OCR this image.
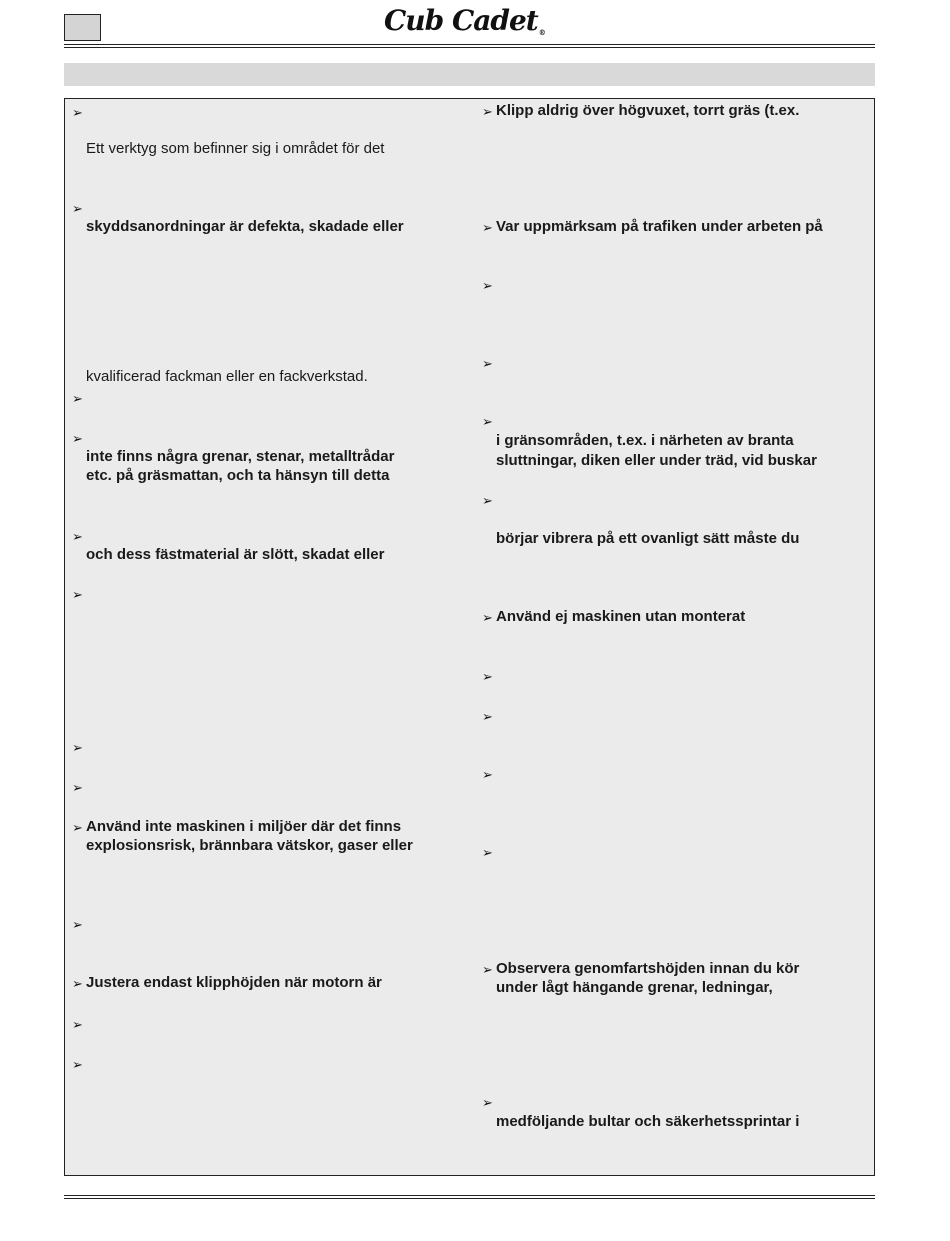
Cub Cadet®
➢
Ett verktyg som befinner sig i området för det
➢
skyddsanordningar är defekta, skadade eller
kvalificerad fackman eller en fackverkstad.
➢
➢
inte finns några grenar, stenar, metalltrådar
etc. på gräsmattan, och ta hänsyn till detta
➢
och dess fästmaterial är slött, skadat eller
➢
➢
➢
➢ Använd inte maskinen i miljöer där det finns
explosionsrisk, brännbara vätskor, gaser eller
➢
➢ Justera endast klipphöjden när motorn är
➢
➢
➢ Klipp aldrig över högvuxet, torrt gräs (t.ex.
➢ Var uppmärksam på trafiken under arbeten på
➢
➢
➢
i gränsområden, t.ex. i närheten av branta
sluttningar, diken eller under träd, vid buskar
➢
börjar vibrera på ett ovanligt sätt måste du
➢ Använd ej maskinen utan monterat
➢
➢
➢
➢
➢ Observera genomfartshöjden innan du kör
under lågt hängande grenar, ledningar,
➢
medföljande bultar och säkerhetssprintar i
